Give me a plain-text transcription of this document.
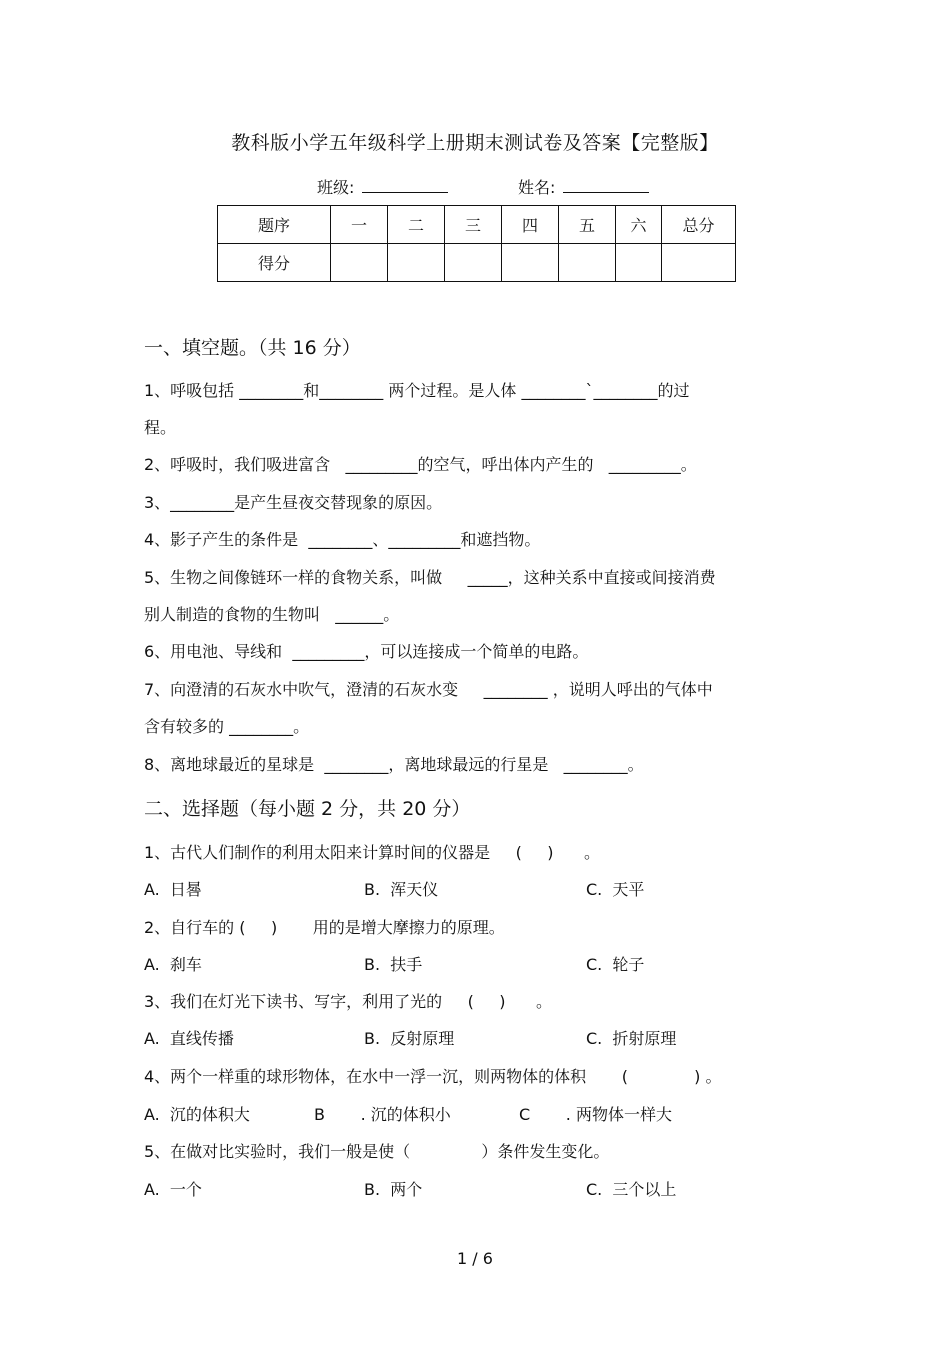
教科版小学五年级科学上册期末测试卷及答案【完整版】
班级:	姓名:
题序	一	二	三	四	五	六	总分
得分							
一、填空题。（共 16 分）
1、呼吸包括 ________和________ 两个过程。是人体 ________`________的过
程。
2、呼吸时，我们吸进富含   _________的空气，呼出体内产生的   _________。
3、________是产生昼夜交替现象的原因。
4、影子产生的条件是  ________、_________和遮挡物。
5、生物之间像链环一样的食物关系，叫做     _____，这种关系中直接或间接消费
别人制造的食物的生物叫   ______。
6、用电池、导线和  _________，可以连接成一个简单的电路。
7、向澄清的石灰水中吹气，澄清的石灰水变     ________ ，说明人呼出的气体中
含有较多的 ________。
8、离地球最近的星球是  ________，离地球最远的行星是   ________。
二、选择题（每小题 2 分，共 20 分）
1、古代人们制作的利用太阳来计算时间的仪器是     (     )      。
A.  日晷	B.  浑天仪	C.  天平
2、自行车的 (     )       用的是增大摩擦力的原理。
A.  刹车	B.  扶手	C.  轮子
3、我们在灯光下读书、写字，利用了光的     (     )      。
A.  直线传播	B.  反射原理	C.  折射原理
4、两个一样重的球形物体，在水中一浮一沉，则两物体的体积       (             ) 。
A.  沉的体积大	B       . 沉的体积小	C       . 两物体一样大
5、在做对比实验时，我们一般是使（              ）条件发生变化。
A.  一个	B.  两个	C.  三个以上
1 / 6
